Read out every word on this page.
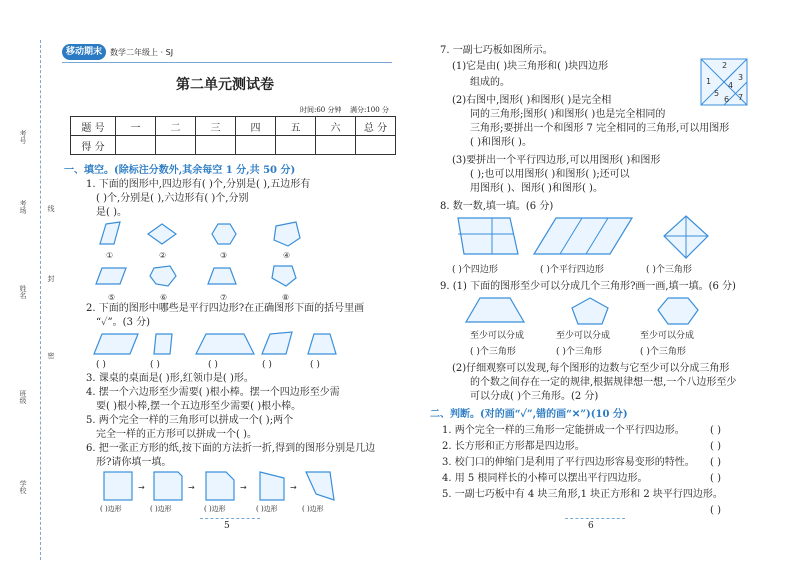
考号
考场
姓名
班级
学校
线
封
密
移动期末 数学二年级上 · SJ
第二单元测试卷
时间:60 分钟 满分:100 分
题 号	一	二	三	四	五	六	总 分
得 分							
一、填空。(除标注分数外,其余每空 1 分,共 50 分)
1. 下面的图形中,四边形有( )个,分别是( ),五边形有
( )个,分别是( ),六边形有( )个,分别
是( )。
①	②	③	④
⑤	⑥	⑦	⑧
2. 下面的图形中哪些是平行四边形?在正确图形下面的括号里画
“✓”。(3 分)
( )	( )	( )	( )	( )
3. 课桌的桌面是( )形,红领巾是( )形。
4. 摆一个六边形至少需要( )根小棒。摆一个四边形至少需
要( )根小棒,摆一个五边形至少需要( )根小棒。
5. 两个完全一样的三角形可以拼成一个( );两个
完全一样的正方形可以拼成一个( )。
6. 把一张正方形的纸,按下面的方法折一折,得到的图形分别是几边
形?请你填一填。
→	→	→	→
( )边形	( )边形	( )边形	( )边形	( )边形
5
7. 一副七巧板如图所示。
(1)它是由( )块三角形和( )块四边形
组成的。	1
2
3
4
5
6 7
(2)右图中,图形( )和图形( )是完全相
同的三角形;图形( )和图形( )也是完全相同的
三角形;要拼出一个和图形 7 完全相同的三角形,可以用图形
( )和图形( )。
(3)要拼出一个平行四边形,可以用图形( )和图形
( );也可以用图形( )和图形( );还可以
用图形( )、图形( )和图形( )。
8. 数一数,填一填。(6 分)
( )个四边形	( )个平行四边形	( )个三角形
9. (1) 下面的图形至少可以分成几个三角形?画一画,填一填。(6 分)
至少可以分成	至少可以分成	至少可以分成
( )个三角形	( )个三角形	( )个三角形
(2)仔细观察可以发现,每个图形的边数与它至少可以分成三角形
的个数之间存在一定的规律,根据规律想一想,一个八边形至少
可以分成( )个三角形。(2 分)
二、判断。(对的画“✓”,错的画“✕”)(10 分)
1. 两个完全一样的三角形一定能拼成一个平行四边形。	( )
2. 长方形和正方形都是四边形。	( )
3. 校门口的伸缩门是利用了平行四边形容易变形的特性。 ( )
4. 用 5 根同样长的小棒可以摆出平行四边形。	( )
5. 一副七巧板中有 4 块三角形,1 块正方形和 2 块平行四边形。
( )
6
